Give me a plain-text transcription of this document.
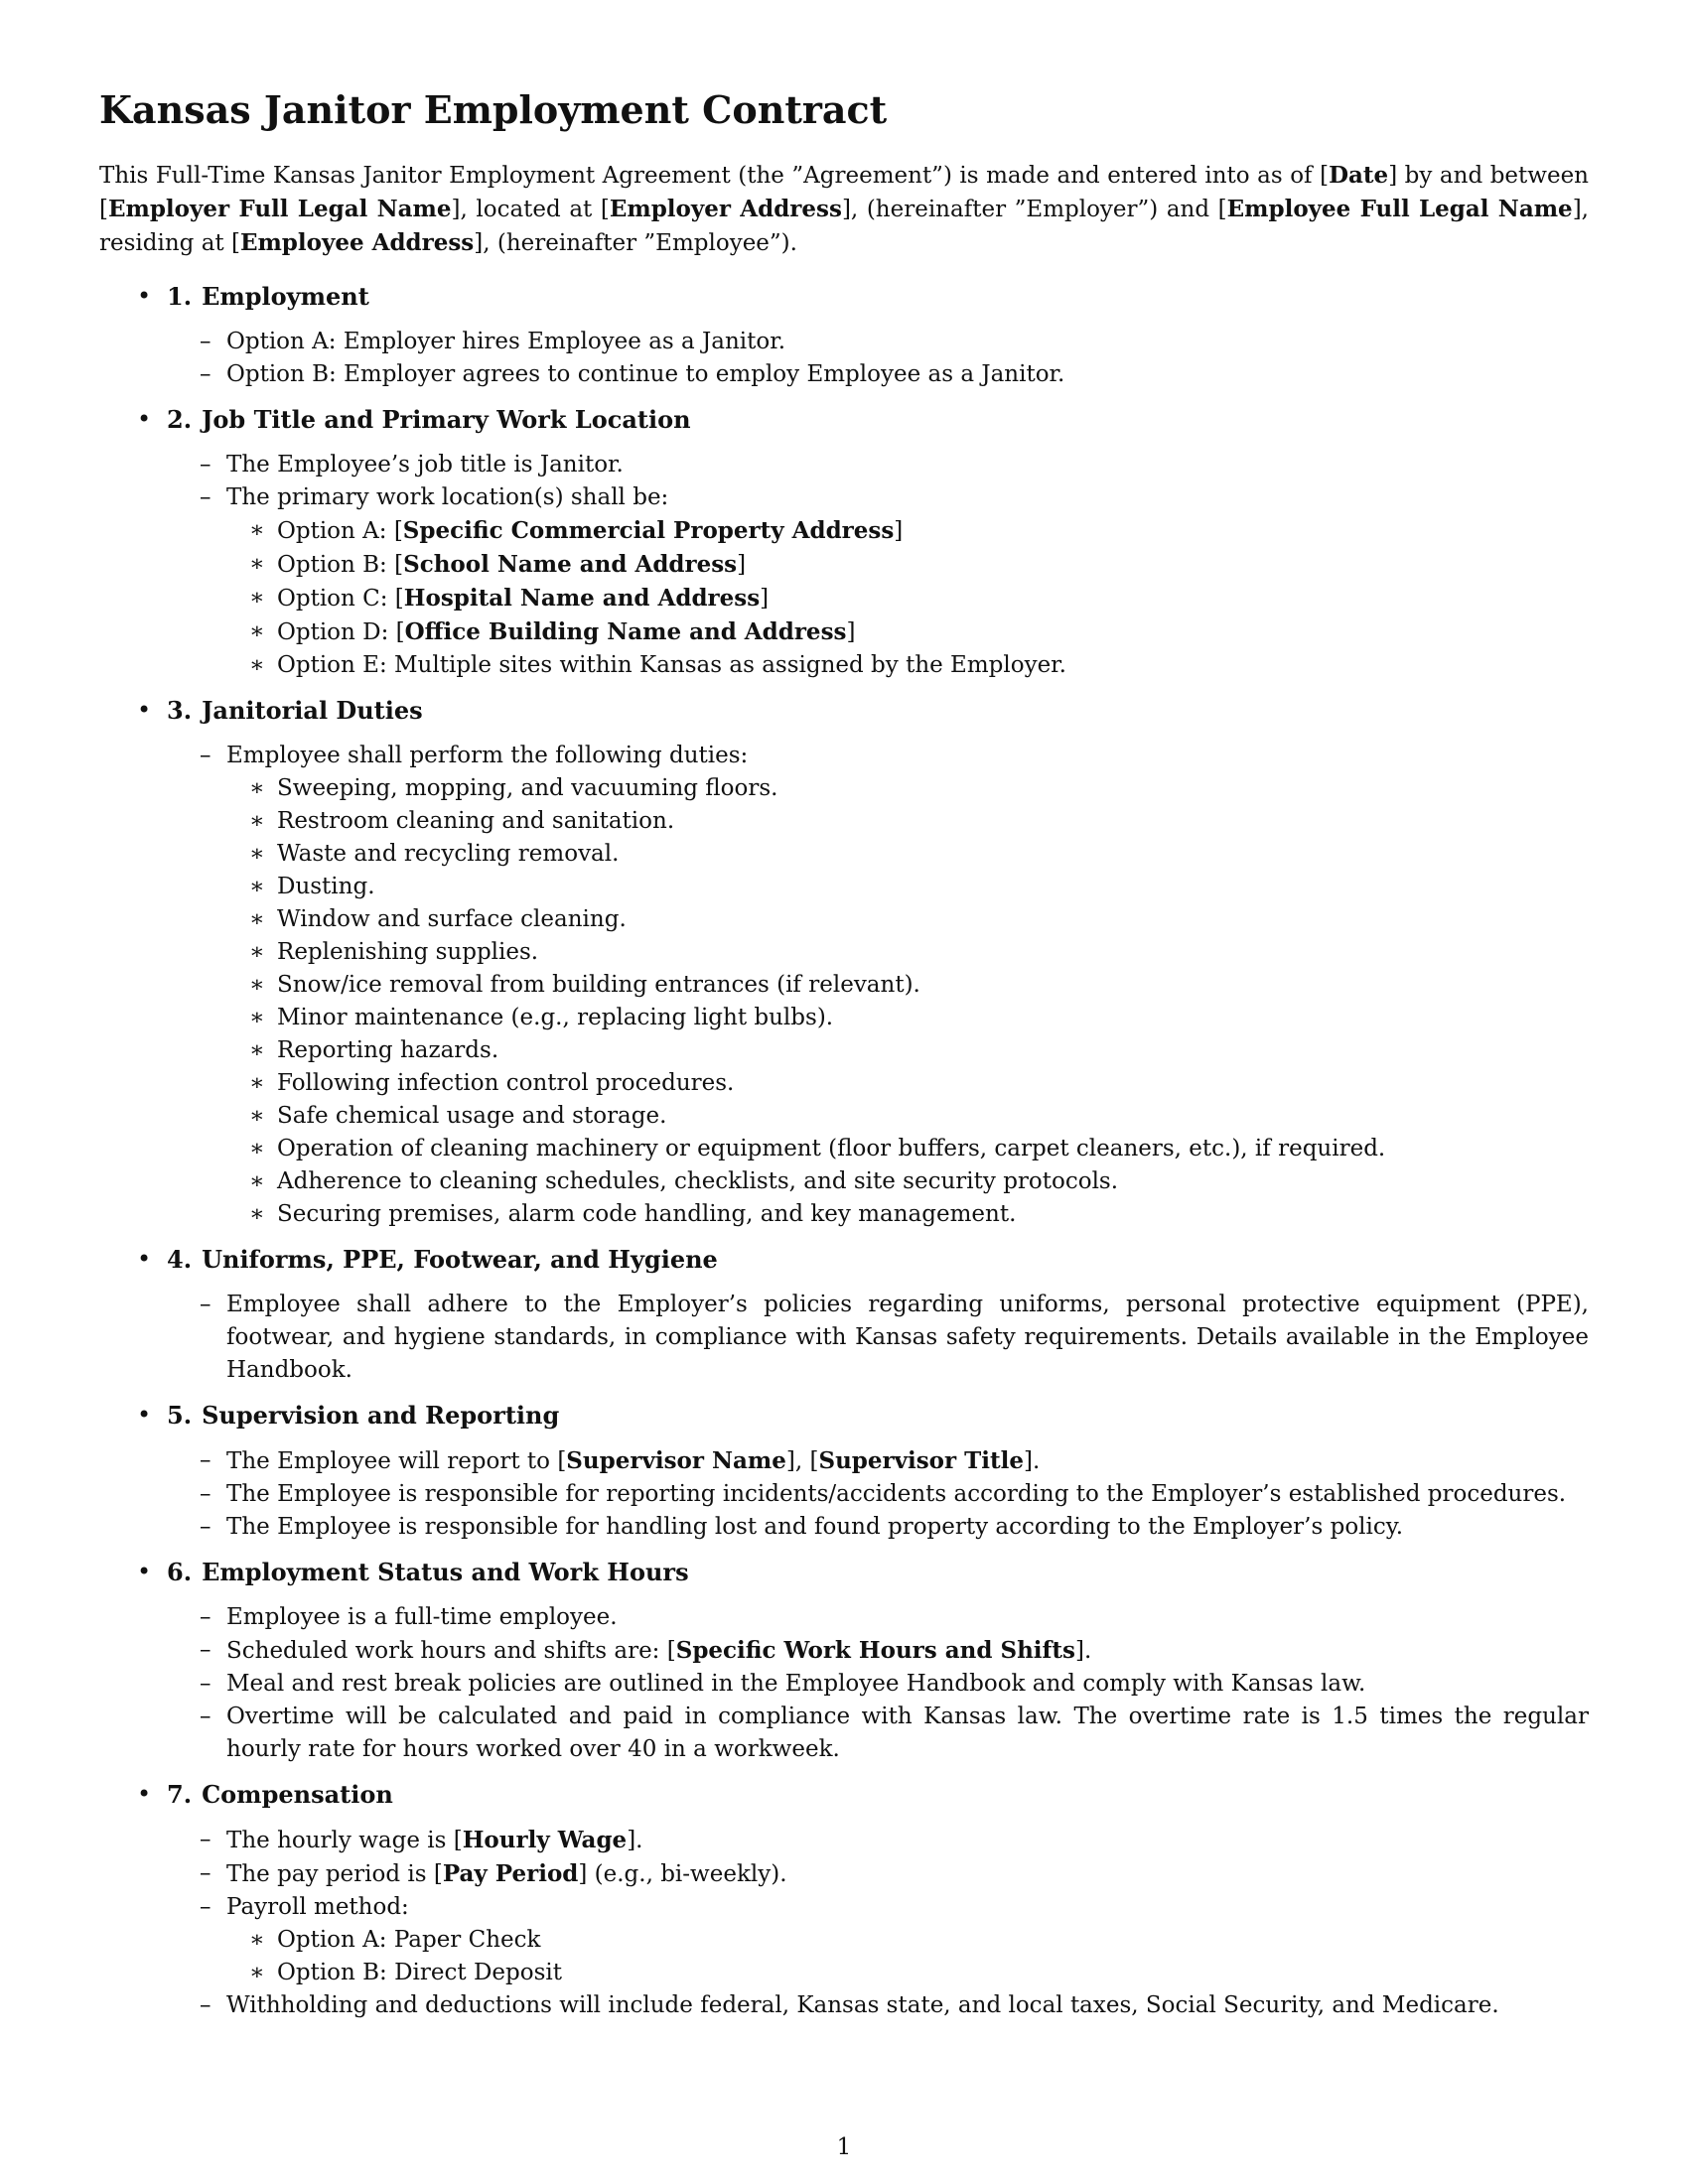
Kansas Janitor Employment Contract

This Full-Time Kansas Janitor Employment Agreement (the ”Agreement”) is made and entered into as of [Date] by and between [Employer Full Legal Name], located at [Employer Address], (hereinafter ”Employer”) and [Employee Full Legal Name], residing at [Employee Address], (hereinafter ”Employee”).

• 1. Employment
– Option A: Employer hires Employee as a Janitor.
– Option B: Employer agrees to continue to employ Employee as a Janitor.
• 2. Job Title and Primary Work Location
– The Employee’s job title is Janitor.
– The primary work location(s) shall be:
∗ Option A: [Specific Commercial Property Address]
∗ Option B: [School Name and Address]
∗ Option C: [Hospital Name and Address]
∗ Option D: [Office Building Name and Address]
∗ Option E: Multiple sites within Kansas as assigned by the Employer.
• 3. Janitorial Duties
– Employee shall perform the following duties:
∗ Sweeping, mopping, and vacuuming floors.
∗ Restroom cleaning and sanitation.
∗ Waste and recycling removal.
∗ Dusting.
∗ Window and surface cleaning.
∗ Replenishing supplies.
∗ Snow/ice removal from building entrances (if relevant).
∗ Minor maintenance (e.g., replacing light bulbs).
∗ Reporting hazards.
∗ Following infection control procedures.
∗ Safe chemical usage and storage.
∗ Operation of cleaning machinery or equipment (floor buffers, carpet cleaners, etc.), if required.
∗ Adherence to cleaning schedules, checklists, and site security protocols.
∗ Securing premises, alarm code handling, and key management.
• 4. Uniforms, PPE, Footwear, and Hygiene
– Employee shall adhere to the Employer’s policies regarding uniforms, personal protective equipment (PPE), footwear, and hygiene standards, in compliance with Kansas safety requirements. Details available in the Employee Handbook.
• 5. Supervision and Reporting
– The Employee will report to [Supervisor Name], [Supervisor Title].
– The Employee is responsible for reporting incidents/accidents according to the Employer’s established procedures.
– The Employee is responsible for handling lost and found property according to the Employer’s policy.
• 6. Employment Status and Work Hours
– Employee is a full-time employee.
– Scheduled work hours and shifts are: [Specific Work Hours and Shifts].
– Meal and rest break policies are outlined in the Employee Handbook and comply with Kansas law.
– Overtime will be calculated and paid in compliance with Kansas law. The overtime rate is 1.5 times the regular hourly rate for hours worked over 40 in a workweek.
• 7. Compensation
– The hourly wage is [Hourly Wage].
– The pay period is [Pay Period] (e.g., bi-weekly).
– Payroll method:
∗ Option A: Paper Check
∗ Option B: Direct Deposit
– Withholding and deductions will include federal, Kansas state, and local taxes, Social Security, and Medicare.
1
